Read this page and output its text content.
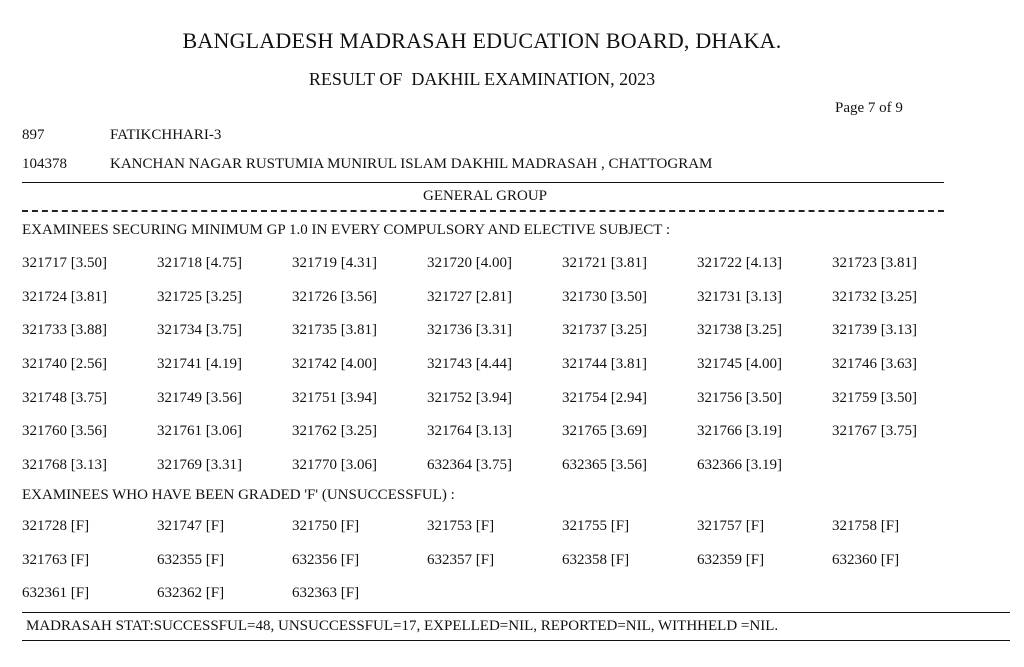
BANGLADESH MADRASAH EDUCATION BOARD, DHAKA.
RESULT OF  DAKHIL EXAMINATION, 2023
Page 7 of 9
897	FATIKCHHARI-3
104378	KANCHAN NAGAR RUSTUMIA MUNIRUL ISLAM DAKHIL MADRASAH , CHATTOGRAM
GENERAL GROUP
EXAMINEES SECURING MINIMUM GP 1.0 IN EVERY COMPULSORY AND ELECTIVE SUBJECT :
321717 [3.50]	321718 [4.75]	321719 [4.31]	321720 [4.00]	321721 [3.81]	321722 [4.13]	321723 [3.81]
321724 [3.81]	321725 [3.25]	321726 [3.56]	321727 [2.81]	321730 [3.50]	321731 [3.13]	321732 [3.25]
321733 [3.88]	321734 [3.75]	321735 [3.81]	321736 [3.31]	321737 [3.25]	321738 [3.25]	321739 [3.13]
321740 [2.56]	321741 [4.19]	321742 [4.00]	321743 [4.44]	321744 [3.81]	321745 [4.00]	321746 [3.63]
321748 [3.75]	321749 [3.56]	321751 [3.94]	321752 [3.94]	321754 [2.94]	321756 [3.50]	321759 [3.50]
321760 [3.56]	321761 [3.06]	321762 [3.25]	321764 [3.13]	321765 [3.69]	321766 [3.19]	321767 [3.75]
321768 [3.13]	321769 [3.31]	321770 [3.06]	632364 [3.75]	632365 [3.56]	632366 [3.19]
EXAMINEES WHO HAVE BEEN GRADED 'F' (UNSUCCESSFUL) :
321728 [F]	321747 [F]	321750 [F]	321753 [F]	321755 [F]	321757 [F]	321758 [F]
321763 [F]	632355 [F]	632356 [F]	632357 [F]	632358 [F]	632359 [F]	632360 [F]
632361 [F]	632362 [F]	632363 [F]
MADRASAH STAT:SUCCESSFUL=48, UNSUCCESSFUL=17, EXPELLED=NIL, REPORTED=NIL, WITHHELD =NIL.
